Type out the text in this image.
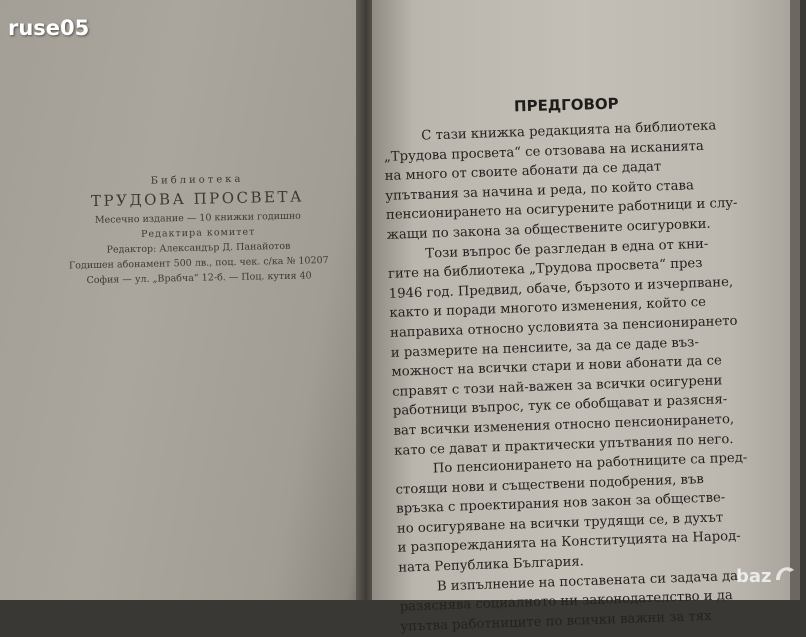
ruse05
Библиотека
ТРУДОВА ПРОСВЕТА
Месечно издание — 10 книжки годишно
Редактира комитет
Редактор: Александър Д. Панайотов
Годишен абонамент 500 лв., поц. чек. с/ка № 10207
София — ул. „Врабча“ 12-б. — Поц. кутия 40
ПРЕДГОВОР
С тази книжка редакцията на библиотека
„Трудова просвета“ се отзовава на исканията
на много от своите абонати да се дадат
упътвания за начина и реда, по който става
пенсионирането на осигурените работници и слу-
жащи по закона за обществените осигуровки.
Този въпрос бе разгледан в една от кни-
гите на библиотека „Трудова просвета“ през
1946 год. Предвид, обаче, бързото и изчерпване,
както и поради многото изменения, който се
направиха относно условията за пенсионирането
и размерите на пенсиите, за да се даде въз-
можност на всички стари и нови абонати да се
справят с този най-важен за всички осигурени
работници въпрос, тук се обобщават и разясня-
ват всички изменения относно пенсионирането,
като се дават и практически упътвания по него.
По пенсионирането на работниците са пред-
стоящи нови и съществени подобрения, във
връзка с проектирания нов закон за обществе-
но осигуряване на всички трудящи се, в духът
и разпорежданията на Конституцията на Народ-
ната Република България.
В изпълнение на поставената си задача да
разяснява социалното ни законодателство и да
упътва работниците по всички важни за тях
baz
